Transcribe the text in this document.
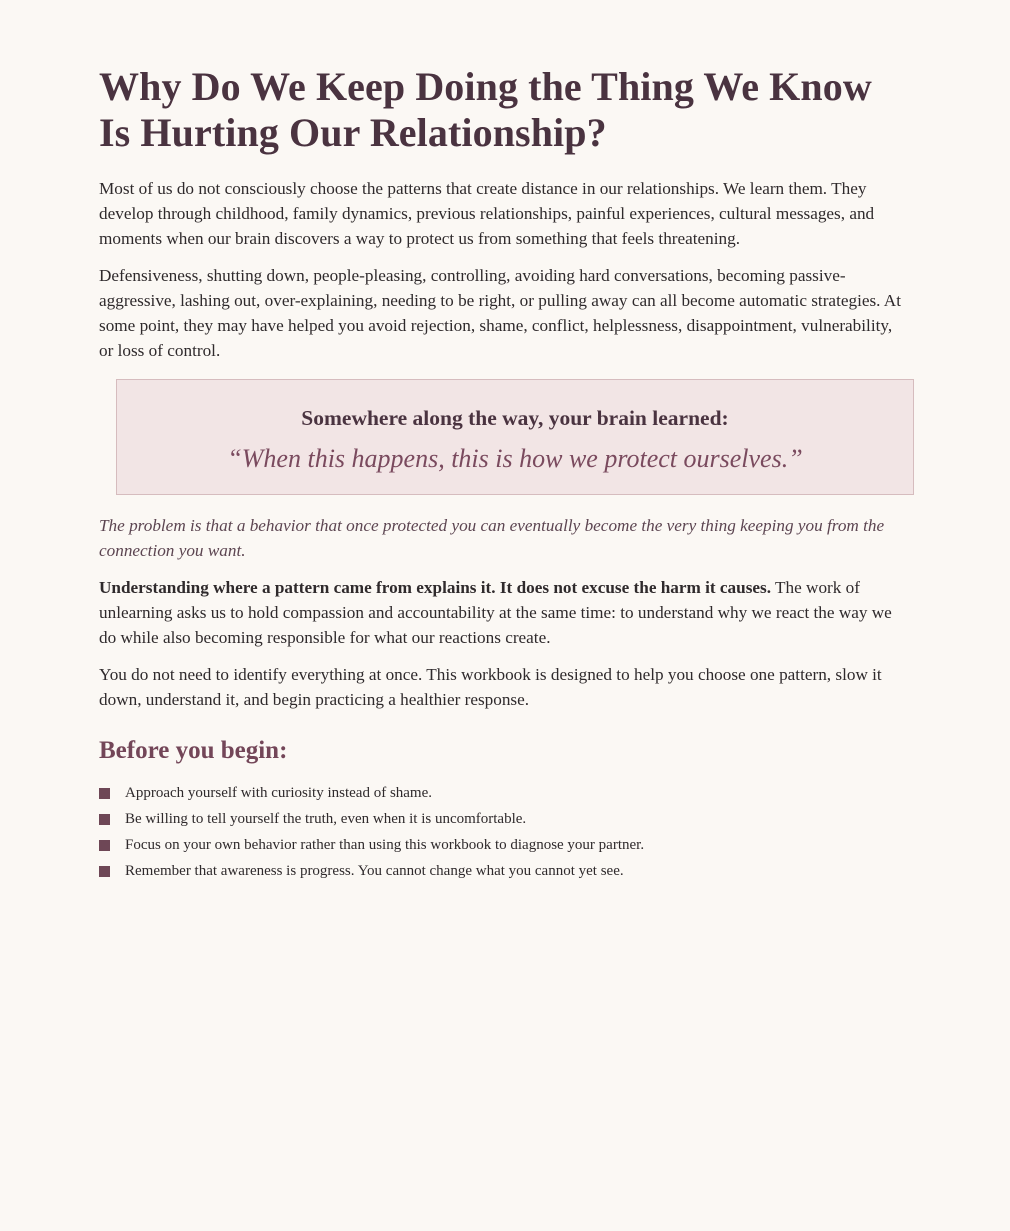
Why Do We Keep Doing the Thing We Know Is Hurting Our Relationship?

Most of us do not consciously choose the patterns that create distance in our relationships. We learn them. They develop through childhood, family dynamics, previous relationships, painful experiences, cultural messages, and moments when our brain discovers a way to protect us from something that feels threatening.

Defensiveness, shutting down, people-pleasing, controlling, avoiding hard conversations, becoming passive-aggressive, lashing out, over-explaining, needing to be right, or pulling away can all become automatic strategies. At some point, they may have helped you avoid rejection, shame, conflict, helplessness, disappointment, vulnerability, or loss of control.

Somewhere along the way, your brain learned:
“When this happens, this is how we protect ourselves.”

The problem is that a behavior that once protected you can eventually become the very thing keeping you from the connection you want.

Understanding where a pattern came from explains it. It does not excuse the harm it causes. The work of unlearning asks us to hold compassion and accountability at the same time: to understand why we react the way we do while also becoming responsible for what our reactions create.

You do not need to identify everything at once. This workbook is designed to help you choose one pattern, slow it down, understand it, and begin practicing a healthier response.

Before you begin:
Approach yourself with curiosity instead of shame.
Be willing to tell yourself the truth, even when it is uncomfortable.
Focus on your own behavior rather than using this workbook to diagnose your partner.
Remember that awareness is progress. You cannot change what you cannot yet see.
